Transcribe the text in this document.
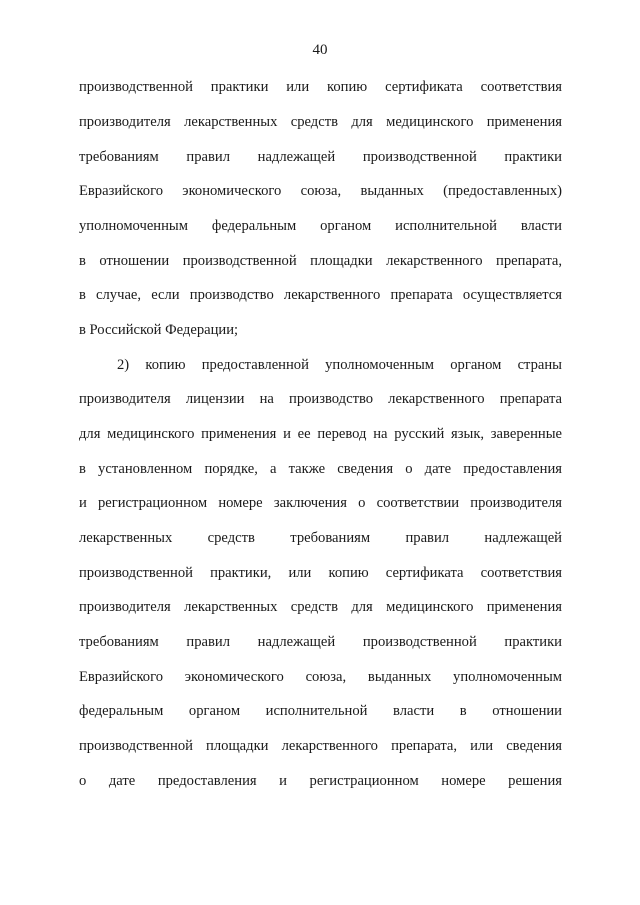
40
производственной практики или копию сертификата соответствия
производителя лекарственных средств для медицинского применения
требованиям правил надлежащей производственной практики
Евразийского экономического союза, выданных (предоставленных)
уполномоченным федеральным органом исполнительной власти
в отношении производственной площадки лекарственного препарата,
в случае, если производство лекарственного препарата осуществляется
в Российской Федерации;
2) копию предоставленной уполномоченным органом страны
производителя лицензии на производство лекарственного препарата
для медицинского применения и ее перевод на русский язык, заверенные
в установленном порядке, а также сведения о дате предоставления
и регистрационном номере заключения о соответствии производителя
лекарственных средств требованиям правил надлежащей
производственной практики, или копию сертификата соответствия
производителя лекарственных средств для медицинского применения
требованиям правил надлежащей производственной практики
Евразийского экономического союза, выданных уполномоченным
федеральным органом исполнительной власти в отношении
производственной площадки лекарственного препарата, или сведения
о дате предоставления и регистрационном номере решения
